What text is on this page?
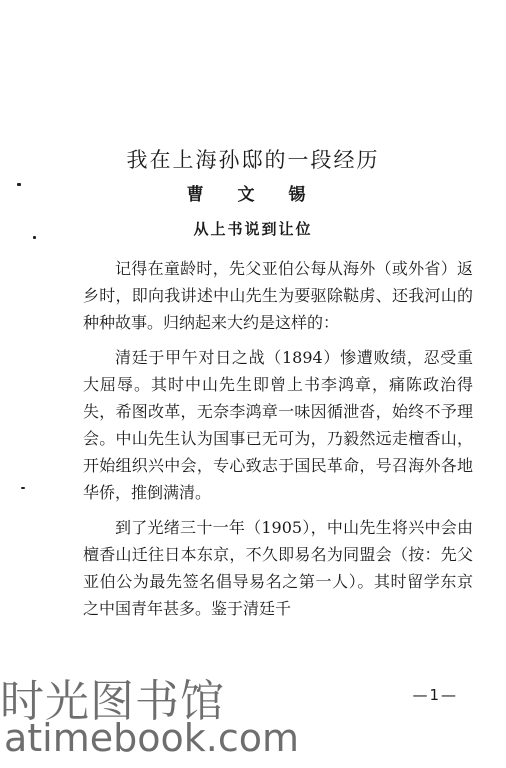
我在上海孙邸的一段经历
曹 文 锡
从上书说到让位

记得在童龄时，先父亚伯公每从海外（或外省）返乡时，即向我讲述中山先生为要驱除鞑虏、还我河山的种种故事。归纳起来大约是这样的：

清廷于甲午对日之战（1894）惨遭败绩，忍受重大屈辱。其时中山先生即曾上书李鸿章，痛陈政治得失，希图改革，无奈李鸿章一味因循泄沓，始终不予理会。中山先生认为国事已无可为，乃毅然远走檀香山，开始组织兴中会，专心致志于国民革命，号召海外各地华侨，推倒满清。

到了光绪三十一年（1905），中山先生将兴中会由檀香山迁往日本东京，不久即易名为同盟会（按：先父亚伯公为最先签名倡导易名之第一人）。其时留学东京之中国青年甚多。鉴于清廷千

—1—
时光图书馆
atimebook.com
